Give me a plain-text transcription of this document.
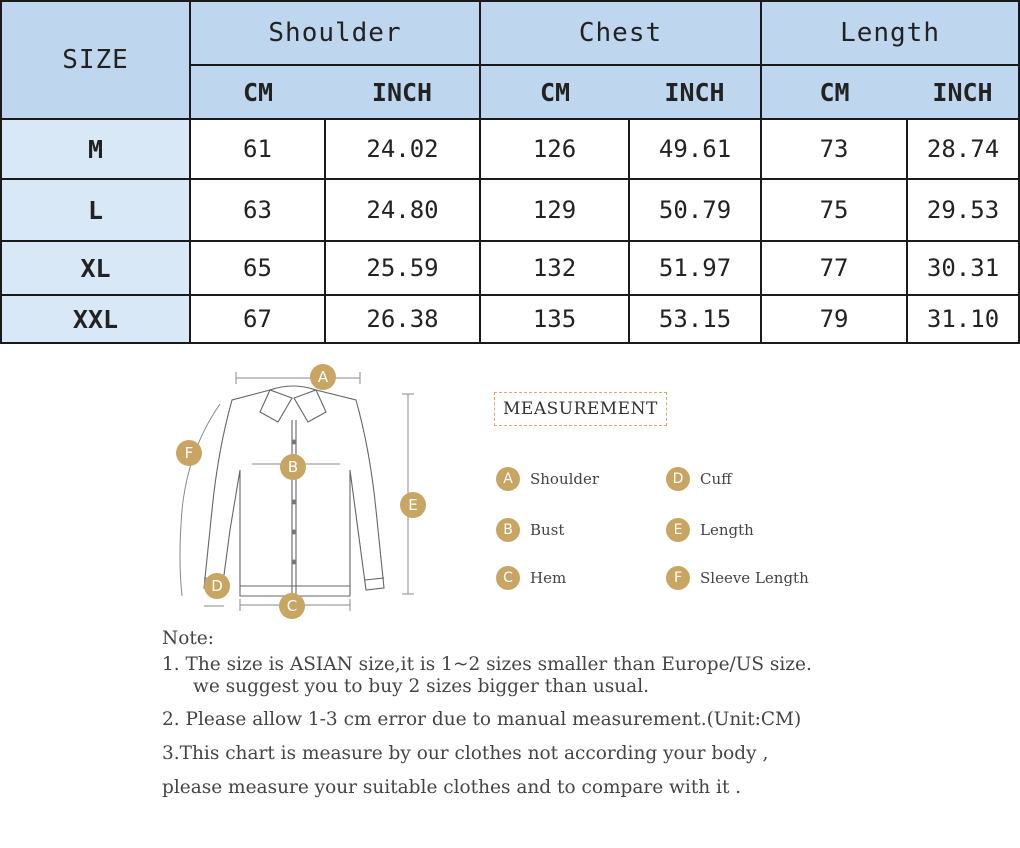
SIZE	Shoulder		Chest		Length	
	CM	INCH	CM	INCH	CM	INCH
M	61	24.02	126	49.61	73	28.74
L	63	24.80	129	50.79	75	29.53
XL	65	25.59	132	51.97	77	30.31
XXL	67	26.38	135	53.15	79	31.10
A
B
C
D
E
F
MEASUREMENT
A	Shoulder
B	Bust
C	Hem
D	Cuff
E	Length
F	Sleeve Length
Note:
1. The size is ASIAN size,it is 1~2 sizes smaller than Europe/US size.
we suggest you to buy 2 sizes bigger than usual.
2. Please allow 1-3 cm error due to manual measurement.(Unit:CM)
3.This chart is measure by our clothes not according your body ,
please measure your suitable clothes and to compare with it .
